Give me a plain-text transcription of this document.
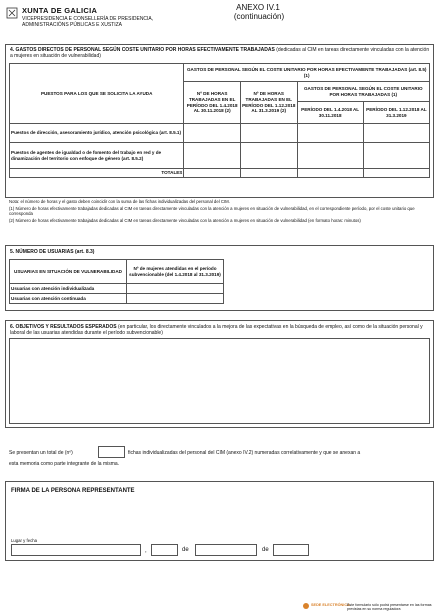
XUNTA DE GALICIA
VICEPRESIDENCIA E CONSELLERÍA DE PRESIDENCIA,
ADMINISTRACIÓNS PÚBLICAS E XUSTIZA
ANEXO IV.1
(continuación)
4. GASTOS DIRECTOS DE PERSONAL SEGÚN COSTE UNITARIO POR HORAS EFECTIVAMENTE TRABAJADAS (dedicadas al CIM en tareas directamente vinculadas con la atención a mujeres en situación de vulnerabilidad)
PUESTOS PARA LOS QUE SE SOLICITA LA AYUDA	GASTOS DE PERSONAL SEGÚN EL COSTE UNITARIO POR HORAS EFECTIVAMENTE TRABAJADAS (art. 8.5) (1)			
	Nº DE HORAS TRABAJADAS EN EL PERÍODO DEL 1.4.2018 AL 30.11.2018 (2)	Nº DE HORAS TRABAJADAS EN EL PERÍODO DEL 1.12.2018 AL 31.3.2019 (2)	GASTOS DE PERSONAL SEGÚN EL COSTE UNITARIO POR HORAS TRABAJADAS (1)	
			PERÍODO DEL 1.4.2018 AL 30.11.2018	PERÍODO DEL 1.12.2018 AL 31.3.2019
Puestos de dirección, asesoramiento jurídico, atención psicológica (art. 8.5.1)				
Puestos de agentes de igualdad o de fomento del trabajo en red y de dinamización del territorio con enfoque de género (art. 8.5.2)				
TOTALES				
Nota: el número de horas y el gasto deben coincidir con la suma de las fichas individualizadas del personal del CIM.
(1) Número de horas efectivamente trabajadas dedicadas al CIM en tareas directamente vinculadas con la atención a mujeres en situación de vulnerabilidad, en el correspondiente período, por el coste unitario que corresponda
(2) Número de horas efectivamente trabajadas dedicadas al CIM en tareas directamente vinculadas con la atención a mujeres en situación de vulnerabilidad (en formato horas: minutos)
5. NÚMERO DE USUARIAS (art. 8.3)
USUARIAS EN SITUACIÓN DE VULNERABILIDAD	Nº de mujeres atendidas en el período subvencionable (del 1.4.2018 al 31.3.2019)
Usuarias con atención individualizada	
Usuarias con atención continuada	
6. OBJETIVOS Y RESULTADOS ESPERADOS (en particular, los directamente vinculados a la mejora de las expectativas en la búsqueda de empleo, así como de la situación personal y laboral de las usuarias atendidas durante el período subvencionable)
Se presentan un total de (nº)	fichas individualizadas del personal del CIM (anexo IV.2) numeradas correlativamente y que se anexan a
esta memoria como parte integrante de la misma.
FIRMA DE LA PERSONA REPRESENTANTE
Lugar y fecha
,	de	de
SEDE ELECTRÓNICA
Este formulario sólo podrá presentarse en las formas previstas en su norma reguladora
